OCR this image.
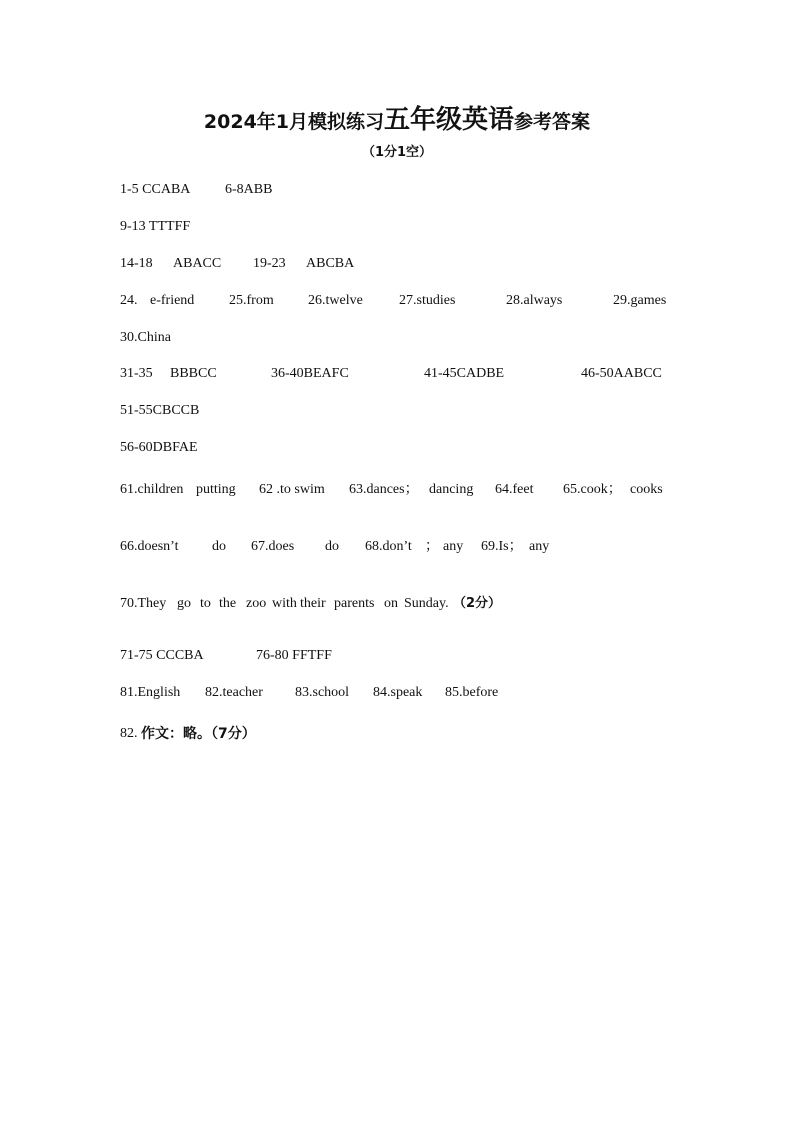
2024年1月模拟练习五年级英语参考答案
（1分1空）
1-5 CCABA 6-8ABB
9-13 TTTFF
14-18 ABACC 19-23 ABCBA
24. e-friend 25.from 26.twelve	27.studies	28.always	29.games
30.China
31-35 BBBCC	36-40BEAFC	41-45CADBE	46-50AABCC
51-55CBCCB
56-60DBFAE
61.children putting 62 .to swim 63.dances； dancing 64.feet 65.cook； cooks
66.doesn’t do 67.does do 68.don’t ； any 69.Is； any
70.They go to the zoo with their parents on Sunday. （2分）
71-75 CCCBA	76-80 FFTFF
81.English 82.teacher 83.school 84.speak 85.before
82. 作文：略。（7分）
